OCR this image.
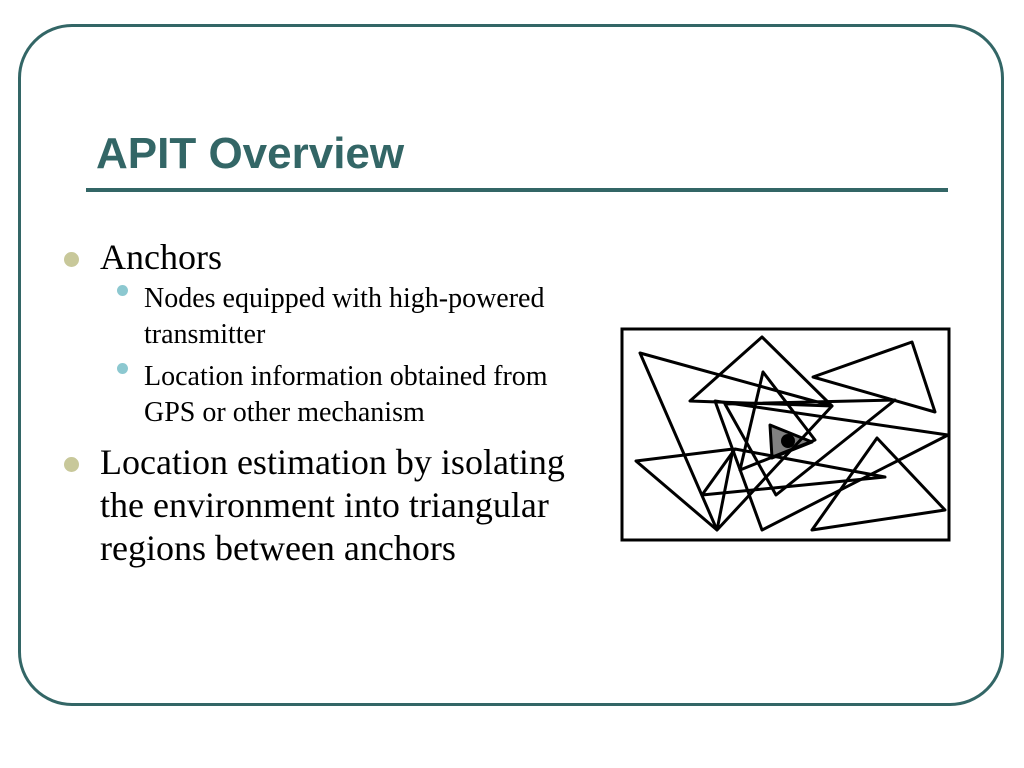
APIT Overview
Anchors
Nodes equipped with high-powered transmitter
Location information obtained from GPS or other mechanism
Location estimation by isolating the environment into triangular regions between anchors
